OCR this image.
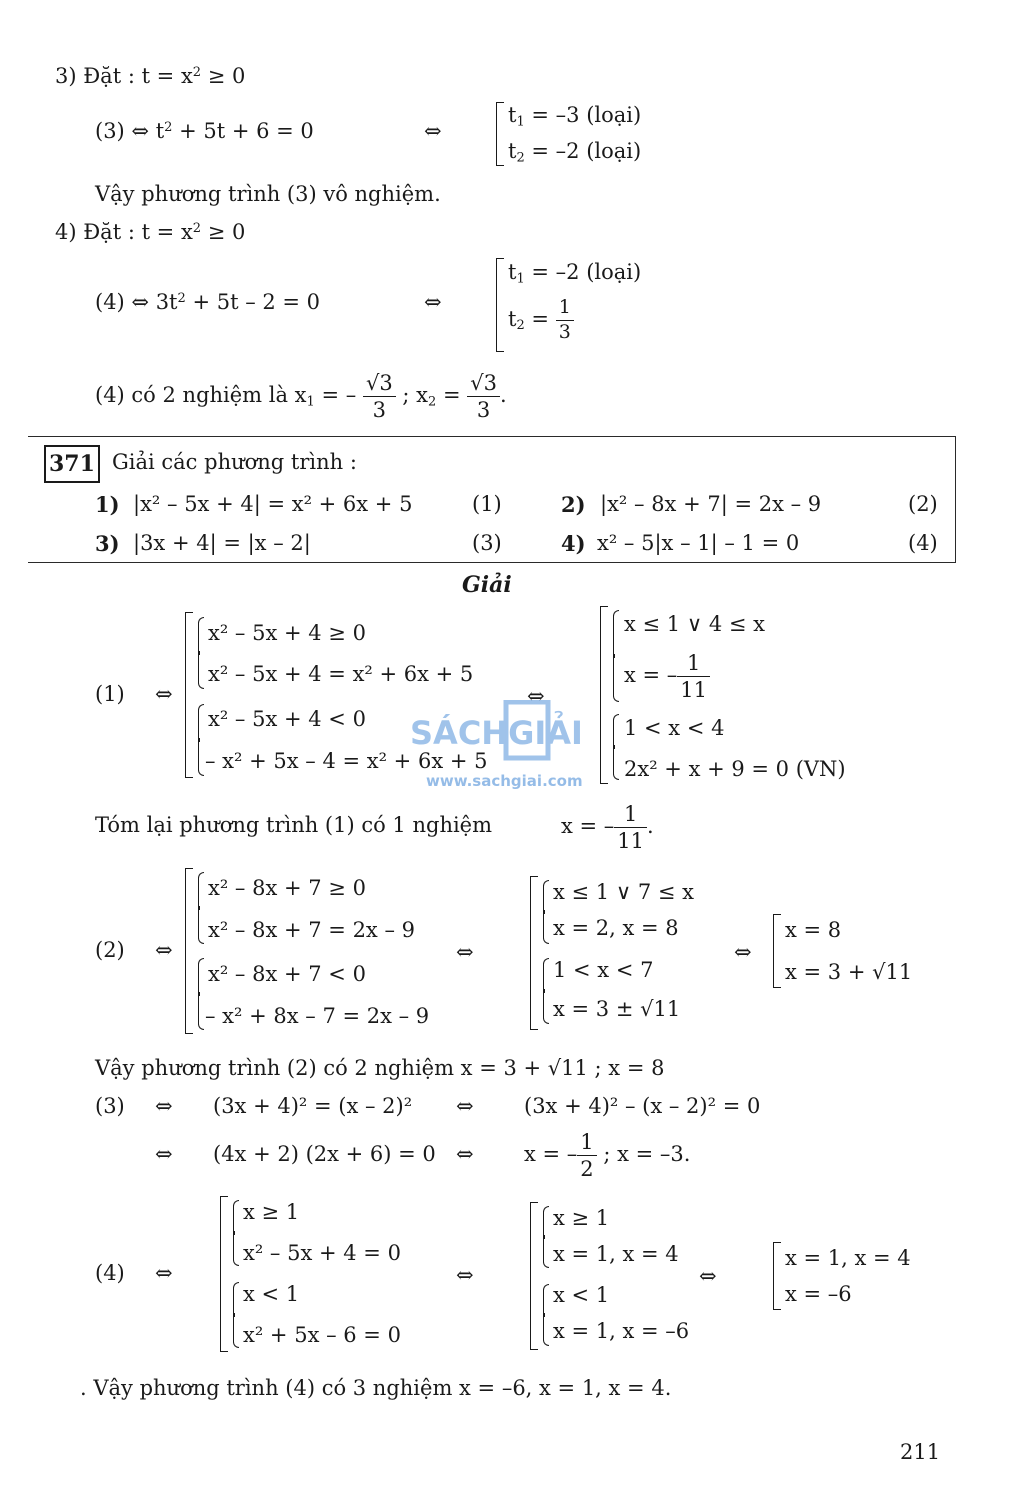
3) Đặt : $t = x^2 \ge 0$
(3) ⇔ $t^2 + 5t + 6 = 0$	⇔
$t_1 = -3$ (loại)
$t_2 = -2$ (loại)
Vậy phương trình (3) vô nghiệm.
4) Đặt : $t = x^2 \ge 0$
(4) ⇔ $3t^2 + 5t - 2 = 0$	⇔
$t_1 = -2$ (loại)
$t_2 = \frac{1}{3}$
(4) có 2 nghiệm là $x_1$ = – $\frac{√3}{3}$ ; $x_2 = \frac{√3}{3}$ .
371 Giải các phương trình :
1) |x² – 5x + 4| = x² + 6x + 5	(1)	2) |x² – 8x + 7| = 2x – 9	(2)
3) |3x + 4| = |x – 2|	(3)	4) x² – 5|x – 1| – 1 = 0	(4)
Giải
(1) ⇔
x² – 5x + 4 ≥ 0
x² – 5x + 4 = x² + 6x + 5
x² – 5x + 4 < 0
– x² + 5x – 4 = x² + 6x + 5
⇔
x ≤ 1 ∨ 4 ≤ x
x = – $\frac{1}{11}$
1 < x < 4
2x² + x + 9 = 0 (VN)
Tóm lại phương trình (1) có 1 nghiệm	x = – $\frac{1}{11}$ .
(2) ⇔
x² – 8x + 7 ≥ 0
x² – 8x + 7 = 2x – 9
x² – 8x + 7 < 0
– x² + 8x – 7 = 2x – 9
⇔
x ≤ 1 ∨ 7 ≤ x
x = 2, x = 8
1 < x < 7
x = 3 ± √11
⇔
x = 8
x = 3 + √11
Vậy phương trình (2) có 2 nghiệm x = 3 + √11 ; x = 8
(3) ⇔ (3x + 4)² = (x – 2)² ⇔ (3x + 4)² – (x – 2)² = 0
⇔ (4x + 2) (2x + 6) = 0 ⇔ x = – $\frac{1}{2}$ ; x = –3.
(4) ⇔
x ≥ 1
x² – 5x + 4 = 0
x < 1
x² + 5x – 6 = 0
⇔
x ≥ 1
x = 1, x = 4
x < 1
x = 1, x = –6
⇔
x = 1, x = 4
x = –6
. Vậy phương trình (4) có 3 nghiệm x = –6, x = 1, x = 4.
211
SÁCHGIẢI
www.sachgiai.com
